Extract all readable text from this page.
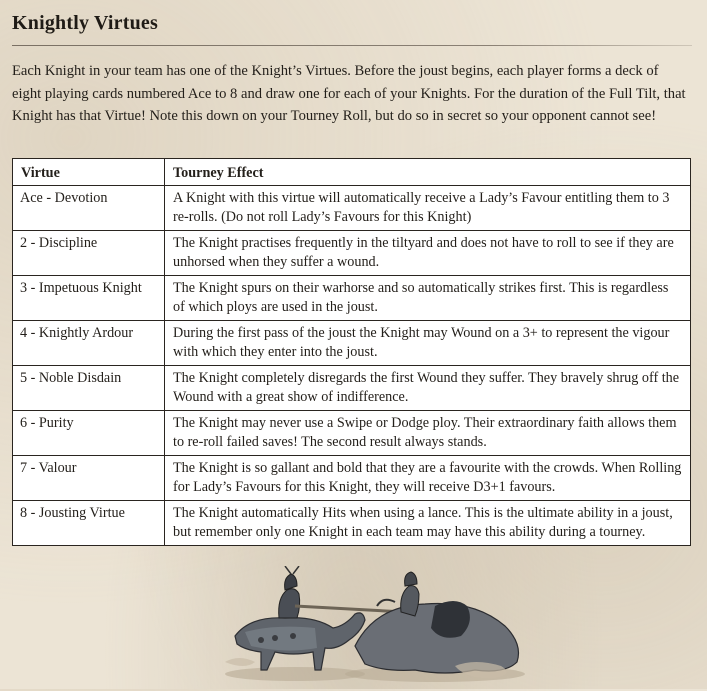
Knightly Virtues
Each Knight in your team has one of the Knight’s Virtues. Before the joust begins, each player forms a deck of eight playing cards numbered Ace to 8 and draw one for each of your Knights. For the duration of the Full Tilt, that Knight has that Virtue! Note this down on your Tourney Roll, but do so in secret so your opponent cannot see!
Virtue	Tourney Effect
Ace - Devotion	A Knight with this virtue will automatically receive a Lady’s Favour entitling them to 3 re-rolls. (Do not roll Lady’s Favours for this Knight)
2 - Discipline	The Knight practises frequently in the tiltyard and does not have to roll to see if they are unhorsed when they suffer a wound.
3 - Impetuous Knight	The Knight spurs on their warhorse and so automatically strikes first. This is regardless of which ploys are used in the joust.
4 - Knightly Ardour	During the first pass of the joust the Knight may Wound on a 3+ to represent the vigour with which they enter into the joust.
5 - Noble Disdain	The Knight completely disregards the first Wound they suffer. They bravely shrug off the Wound with a great show of indifference.
6 - Purity	The Knight may never use a Swipe or Dodge ploy. Their extraordinary faith allows them to re-roll failed saves! The second result always stands.
7 - Valour	The Knight is so gallant and bold that they are a favourite with the crowds. When Rolling for Lady’s Favours for this Knight, they will receive D3+1 favours.
8 - Jousting Virtue	The Knight automatically Hits when using a lance. This is the ultimate ability in a joust, but remember only one Knight in each team may have this ability during a tourney.
